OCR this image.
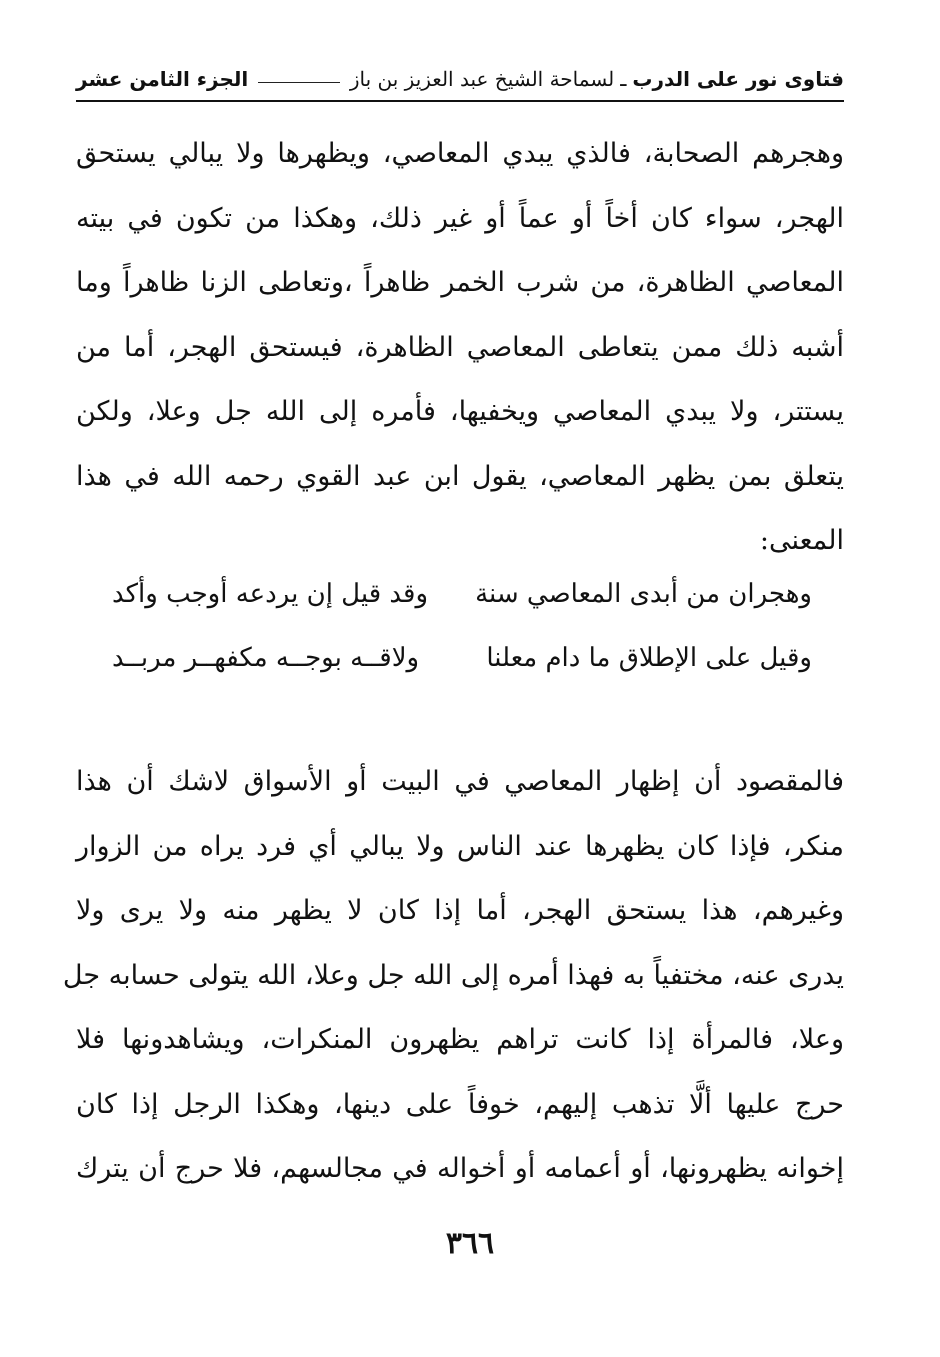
فتاوى نور على الدرب
ـ
لسماحة الشيخ عبد العزيز بن باز
الجزء الثامن عشر
وهجرهم الصحابة، فالذي يبدي المعاصي، ويظهرها ولا يبالي يستحق
الهجر، سواء كان أخاً أو عماً أو غير ذلك، وهكذا من تكون في بيته
المعاصي الظاهرة، من شرب الخمر ظاهراً ،وتعاطى الزنا ظاهراً وما
أشبه ذلك ممن يتعاطى المعاصي الظاهرة، فيستحق الهجر، أما من
يستتر، ولا يبدي المعاصي ويخفيها، فأمره إلى الله جل وعلا، ولكن
يتعلق بمن يظهر المعاصي، يقول ابن عبد القوي رحمه الله في هذا
المعنى:
وهجران من أبدى المعاصي سنة
وقد قيل إن يردعه أوجب وأكد
وقيل على الإطلاق ما دام معلنا
ولاقــه بوجــه مكفهــر مربــد
فالمقصود أن إظهار المعاصي في البيت أو الأسواق لاشك أن هذا
منكر، فإذا كان يظهرها عند الناس ولا يبالي أي فرد يراه من الزوار
وغيرهم، هذا يستحق الهجر، أما إذا كان لا يظهر منه ولا يرى ولا
يدرى عنه، مختفياً به فهذا أمره إلى الله جل وعلا، الله يتولى حسابه جل
وعلا، فالمرأة إذا كانت تراهم يظهرون المنكرات، ويشاهدونها فلا
حرج عليها ألَّا تذهب إليهم، خوفاً على دينها، وهكذا الرجل إذا كان
إخوانه يظهرونها، أو أعمامه أو أخواله في مجالسهم، فلا حرج أن يترك
٣٦٦
